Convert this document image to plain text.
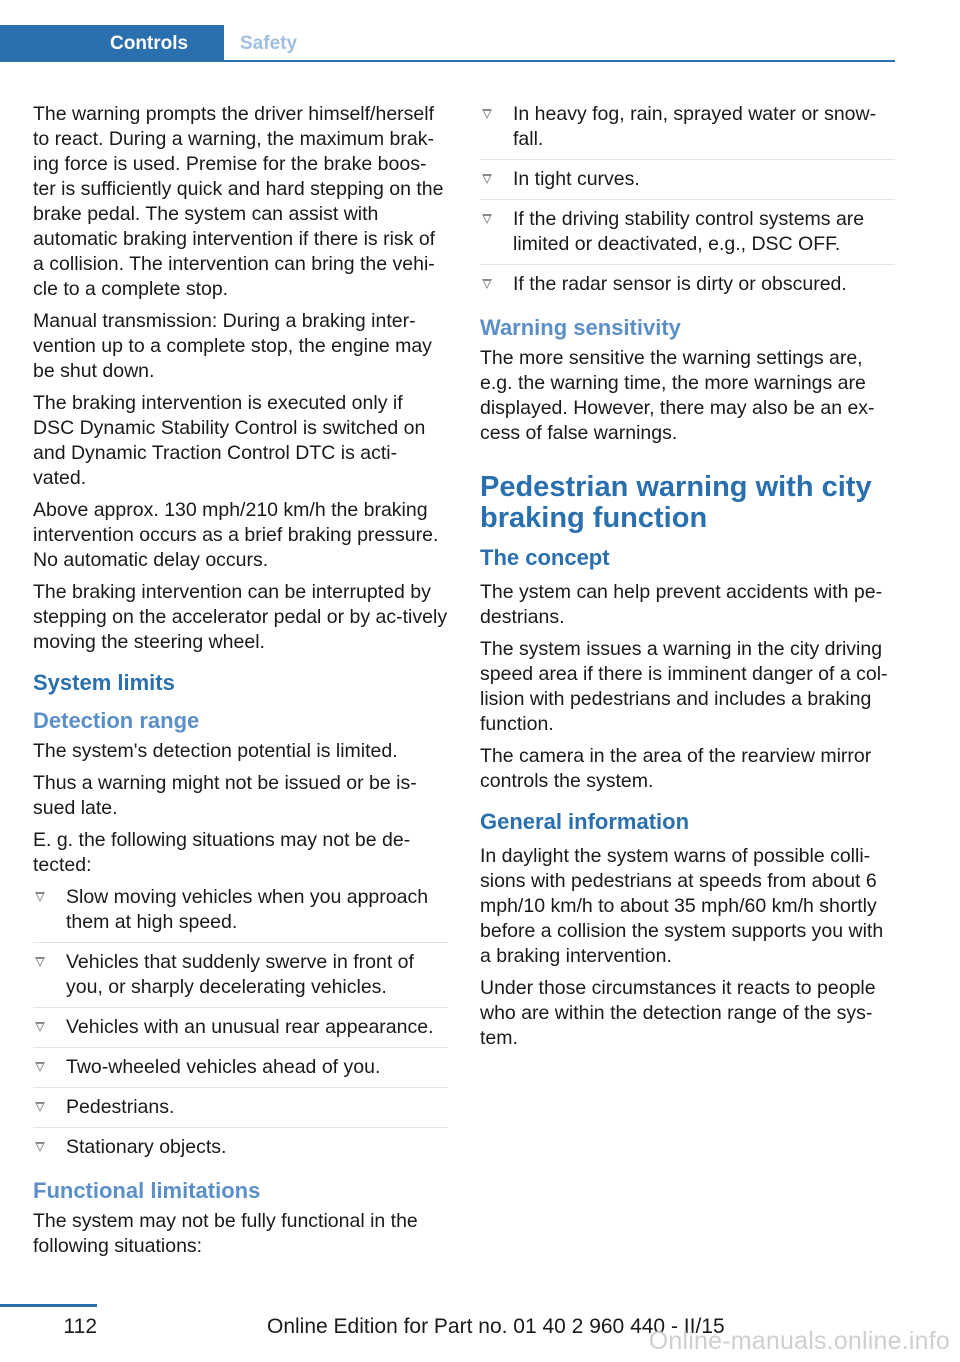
Controls	Safety

The warning prompts the driver himself/herself to react. During a warning, the maximum brak-ing force is used. Premise for the brake boos-ter is sufficiently quick and hard stepping on the brake pedal. The system can assist with automatic braking intervention if there is risk of a collision. The intervention can bring the vehi-cle to a complete stop.

Manual transmission: During a braking inter-vention up to a complete stop, the engine may be shut down.

The braking intervention is executed only if DSC Dynamic Stability Control is switched on and Dynamic Traction Control DTC is acti-vated.

Above approx. 130 mph/210 km/h the braking intervention occurs as a brief braking pressure. No automatic delay occurs.

The braking intervention can be interrupted by stepping on the accelerator pedal or by ac-tively moving the steering wheel.

System limits
Detection range

The system's detection potential is limited.

Thus a warning might not be issued or be is-sued late.

E. g. the following situations may not be de-tected:

Slow moving vehicles when you approach them at high speed.
Vehicles that suddenly swerve in front of you, or sharply decelerating vehicles.
Vehicles with an unusual rear appearance.
Two-wheeled vehicles ahead of you.
Pedestrians.
Stationary objects.
Functional limitations

The system may not be fully functional in the following situations:

In heavy fog, rain, sprayed water or snow-fall.
In tight curves.
If the driving stability control systems are limited or deactivated, e.g., DSC OFF.
If the radar sensor is dirty or obscured.
Warning sensitivity

The more sensitive the warning settings are, e.g. the warning time, the more warnings are displayed. However, there may also be an ex-cess of false warnings.

Pedestrian warning with city braking function
The concept

The ystem can help prevent accidents with pe-destrians.

The system issues a warning in the city driving speed area if there is imminent danger of a col-lision with pedestrians and includes a braking function.

The camera in the area of the rearview mirror controls the system.

General information

In daylight the system warns of possible colli-sions with pedestrians at speeds from about 6 mph/10 km/h to about 35 mph/60 km/h shortly before a collision the system supports you with a braking intervention.

Under those circumstances it reacts to people who are within the detection range of the sys-tem.

112	Online Edition for Part no. 01 40 2 960 440 - II/15
Online-manuals.online.info
